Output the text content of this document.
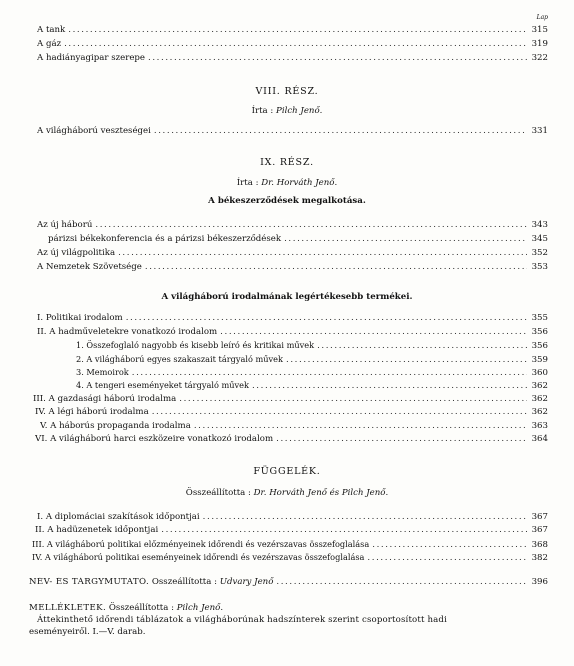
Lap
A tank .....	315
A gáz .....	319
A hadiányagipar szerepe .....	322
VIII. RÉSZ.
Írta : Pilch Jenő.
A világháború veszteségei .....	331
IX. RÉSZ.
Írta : Dr. Horváth Jenő.
A békeszerződések megalkotása.
Az új háború .....	343
párizsi békekonferencia és a párizsi békeszerződések .....	345
Az új világpolitika .....	352
A Nemzetek Szövetsége .....	353
A világháború irodalmának legértékesebb termékei.
I. Politikai irodalom .....	355
II. A hadműveletekre vonatkozó irodalom .....	356
1. Összefoglaló nagyobb és kisebb leíró és kritikai művek .....	356
2. A világháború egyes szakaszait tárgyaló művek .....	359
3. Memoirok .....	360
4. A tengeri eseményeket tárgyaló művek .....	362
III. A gazdasági háború irodalma .....	362
IV. A légi háború irodalma .....	362
V. A háborús propaganda irodalma .....	363
VI. A világháború harci eszközeire vonatkozó irodalom .....	364
FÜGGELÉK.
Összeállította : Dr. Horváth Jenő és Pilch Jenő.
I. A diplomáciai szakítások időpontjai .....	367
II. A hadüzenetek időpontjai .....	367
III. A világháború politikai előzményeinek időrendi és vezérszavas összefoglalása .....	368
IV. A világháború politikai eseményeinek időrendi és vezérszavas összefoglalása .....	382
NÉV- ÉS TÁRGYMUTATÓ. Összeállította : Udvary Jenő .....	396
MELLÉKLETEK. Összeállította : Pilch Jenő.
Áttekinthető időrendi táblázatok a világháborúnak hadszínterek szerint csoportosított hadi
eseményeiről. I.—V. darab.
